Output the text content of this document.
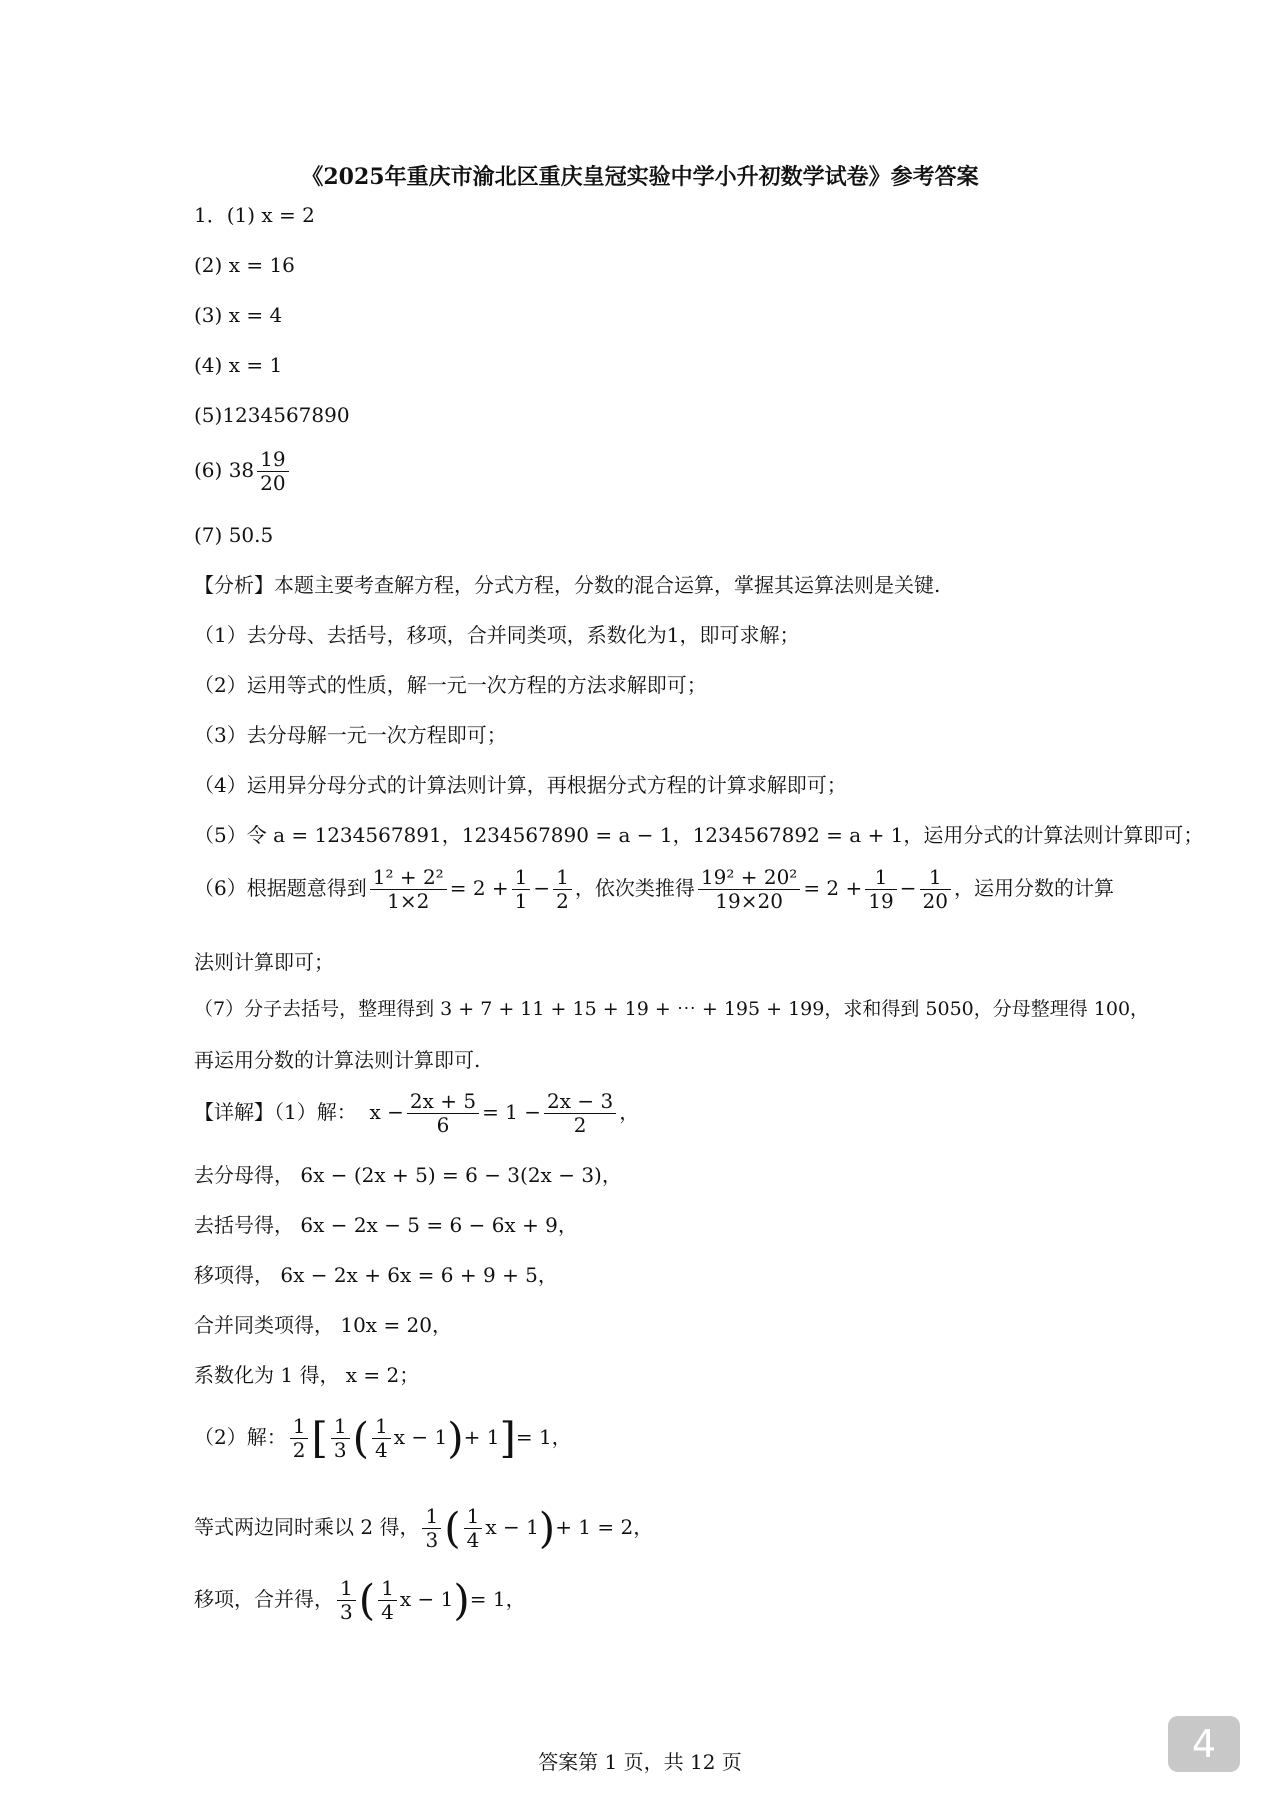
《2025年重庆市渝北区重庆皇冠实验中学小升初数学试卷》参考答案
1．(1) x = 2
(2) x = 16
(3) x = 4
(4) x = 1
(5)1234567890
(6) $38 \frac{19}{20}$
(7) 50.5
【分析】本题主要考查解方程，分式方程，分数的混合运算，掌握其运算法则是关键.
（1）去分母、去括号，移项，合并同类项，系数化为1，即可求解；
（2）运用等式的性质，解一元一次方程的方法求解即可；
（3）去分母解一元一次方程即可；
（4）运用异分母分式的计算法则计算，再根据分式方程的计算求解即可；
（5）令 a = 1234567891，1234567890 = a − 1，1234567892 = a + 1，运用分式的计算法则计算即可；
（6）根据题意得到 $\frac{\text{1² + 2²}}{1\times 2} = 2 + \frac{1}{1} - \frac{1}{2}$ ，依次类推得 $\frac{\text{19² + 20²}}{19\times 20} = 2 + \frac{1}{19} - \frac{1}{20}$ ，运用分数的计算
法则计算即可；
（7）分子去括号，整理得到 3 + 7 + 11 + 15 + 19 + ⋯ + 195 + 199，求和得到 5050，分母整理得 100，
再运用分数的计算法则计算即可.
【详解】（1）解： $x - \frac{2x + 5}{6} = 1 - \frac{2x - 3}{2}$ ，
去分母得， 6x − (2x + 5) = 6 − 3(2x − 3)，
去括号得， 6x − 2x − 5 = 6 − 6x + 9，
移项得， 6x − 2x + 6x = 6 + 9 + 5，
合并同类项得， 10x = 20，
系数化为 1 得， x = 2；
（2）解： $\frac{1}{2}$ [ $\frac{1}{3}$ ( $\frac{1}{4}$ x − 1)+ 1]= 1，
等式两边同时乘以 2 得， $\frac{1}{3}$ ( $\frac{1}{4}$ x − 1)+ 1 = 2，
移项，合并得， $\frac{1}{3}$ ( $\frac{1}{4}$ x − 1)= 1，
答案第 1 页，共 12 页	4
